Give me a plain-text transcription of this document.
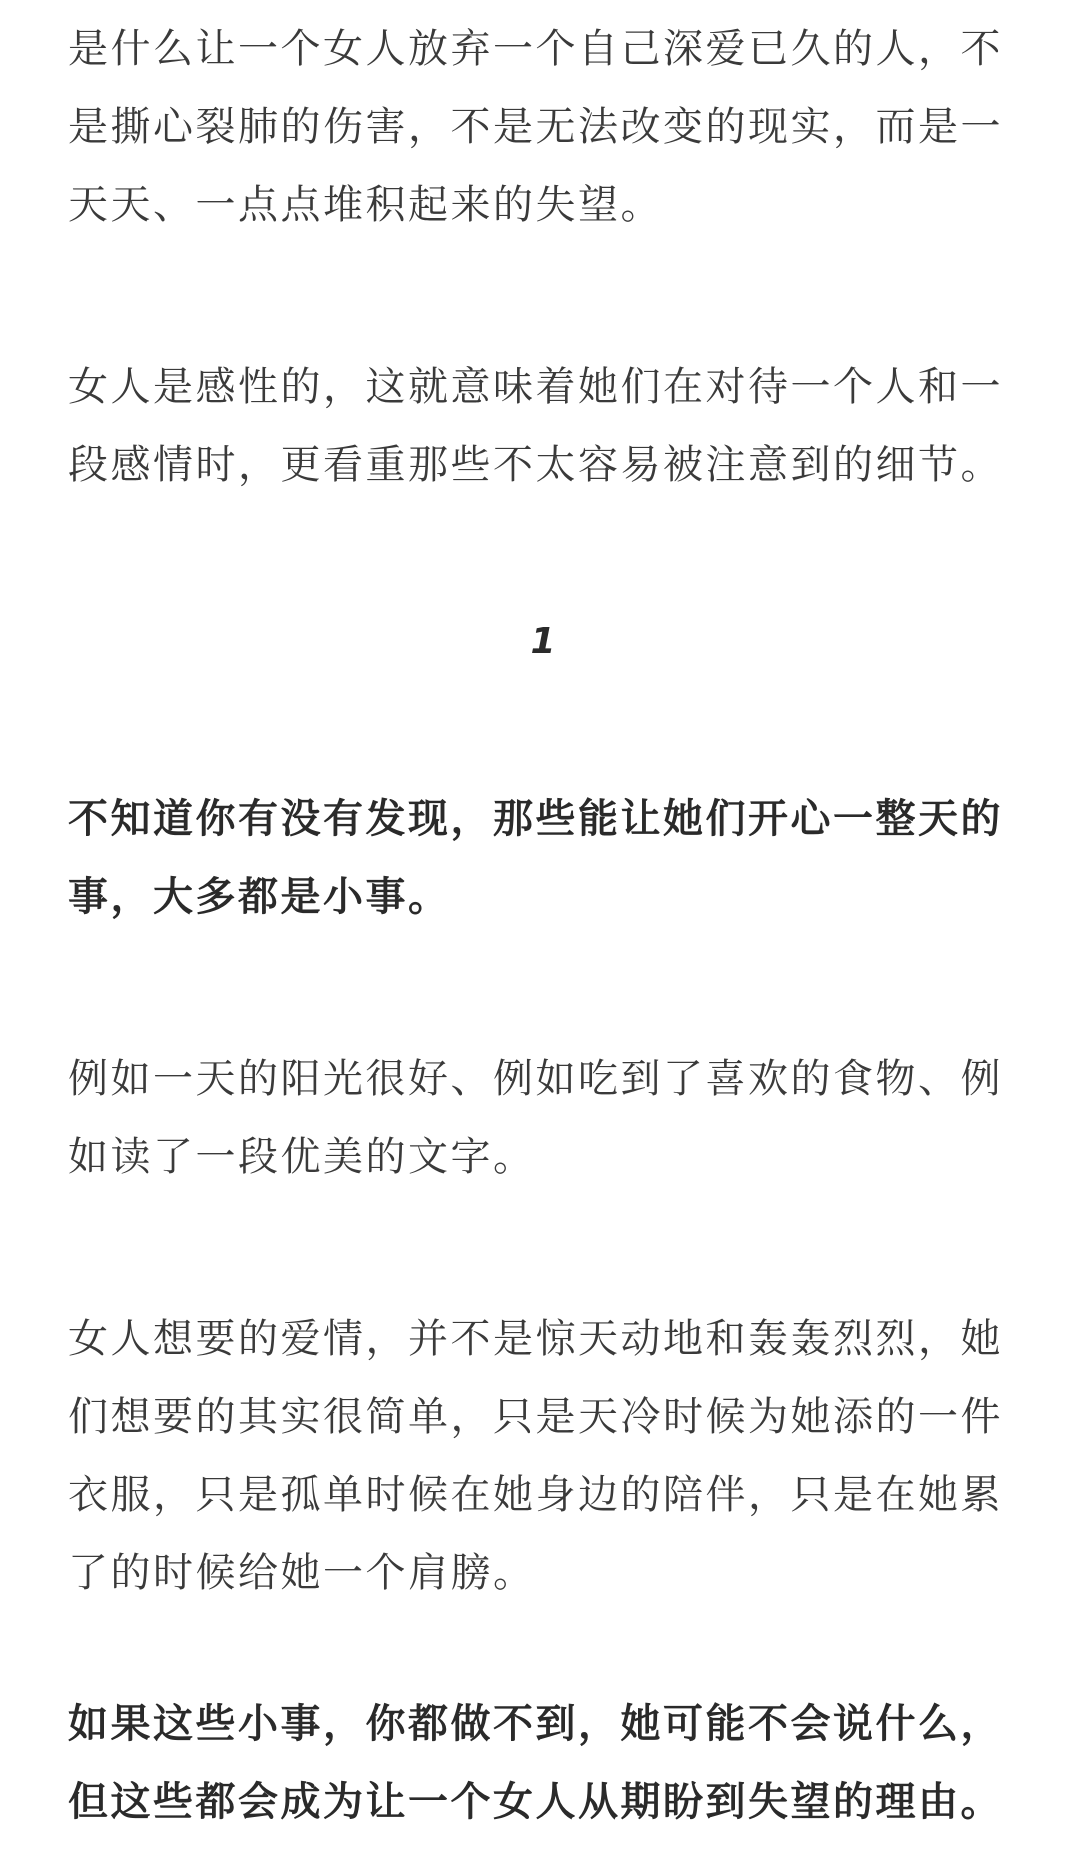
是什么让一个女人放弃一个自己深爱已久的人，不
是撕心裂肺的伤害，不是无法改变的现实，而是一
天天、一点点堆积起来的失望。

女人是感性的，这就意味着她们在对待一个人和一
段感情时，更看重那些不太容易被注意到的细节。

1

不知道你有没有发现，那些能让她们开心一整天的
事，大多都是小事。

例如一天的阳光很好、例如吃到了喜欢的食物、例
如读了一段优美的文字。

女人想要的爱情，并不是惊天动地和轰轰烈烈，她
们想要的其实很简单，只是天冷时候为她添的一件
衣服，只是孤单时候在她身边的陪伴，只是在她累
了的时候给她一个肩膀。

如果这些小事，你都做不到，她可能不会说什么，
但这些都会成为让一个女人从期盼到失望的理由。
